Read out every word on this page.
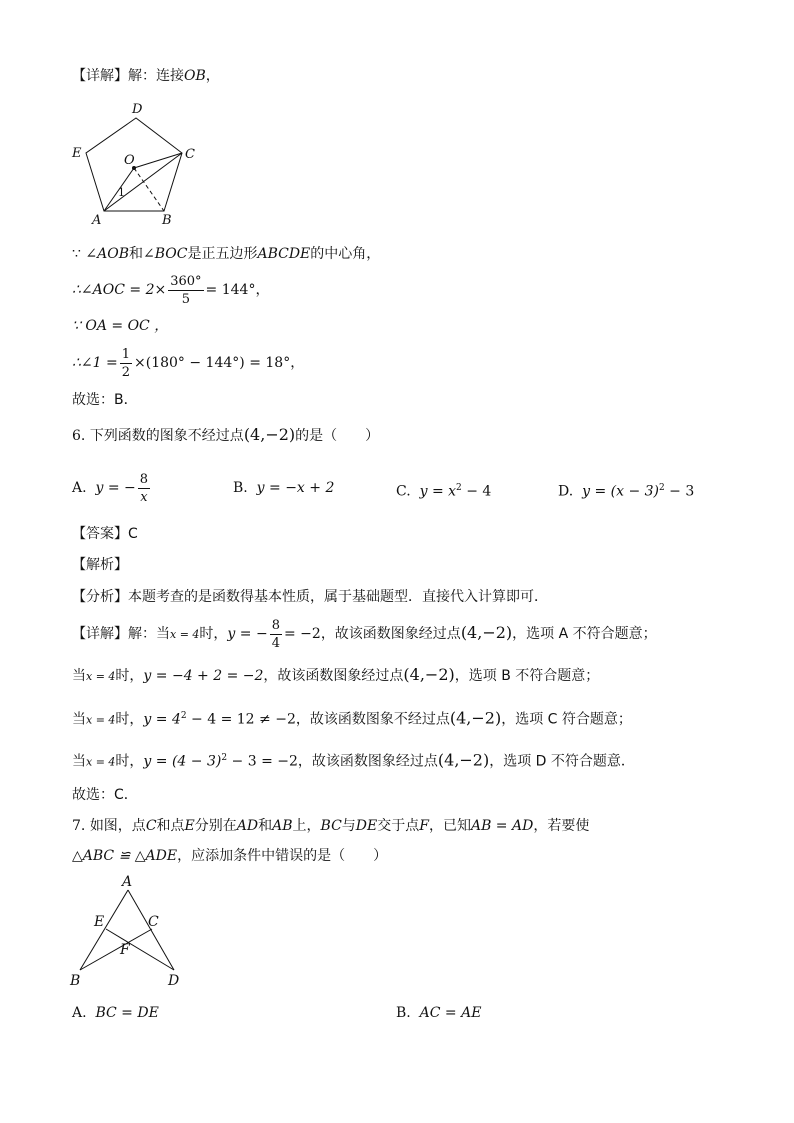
【详解】解：连接OB，
D
E	C
O
1
A	B
∵ ∠AOB和∠BOC是正五边形ABCDE的中心角，
∴∠AOC = $2\times \frac{360^\circ}{5} = 144^\circ$，
∵ OA = OC ，
∴∠1 = $\frac{1}{2} \times(180^\circ - 144^\circ) = 18^\circ$，
故选：B．
6. 下列函数的图象不经过点(4,−2)的是（　　）
A. y = − $\frac{8}{x}$	B. y = −x + 2	C. $y = x^2 - 4$	D. $y = (x - 3)^2 - 3$
【答案】C
【解析】
【分析】本题考查的是函数得基本性质，属于基础题型．直接代入计算即可．
【详解】解：当x = 4时，y = − $\frac{8}{4} = -2$，故该函数图象经过点(4,−2)，选项 A 不符合题意；
当x = 4时，y = −4 + 2 = −2，故该函数图象经过点(4,−2)，选项 B 不符合题意；
当x = 4时，$y = 4^2 - 4 = 12 \ne -2$，故该函数图象不经过点(4,−2)，选项 C 符合题意；
当x = 4时，$y = (4 - 3)^2 - 3 = -2$，故该函数图象经过点(4,−2)，选项 D 不符合题意．
故选：C．
7. 如图，点C和点E分别在AD和AB上，BC与DE交于点F，已知AB = AD，若要使
△ABC ≌ △ADE，应添加条件中错误的是（　　）
A
E	C
F
B	D
A. BC = DE	B. AC = AE
